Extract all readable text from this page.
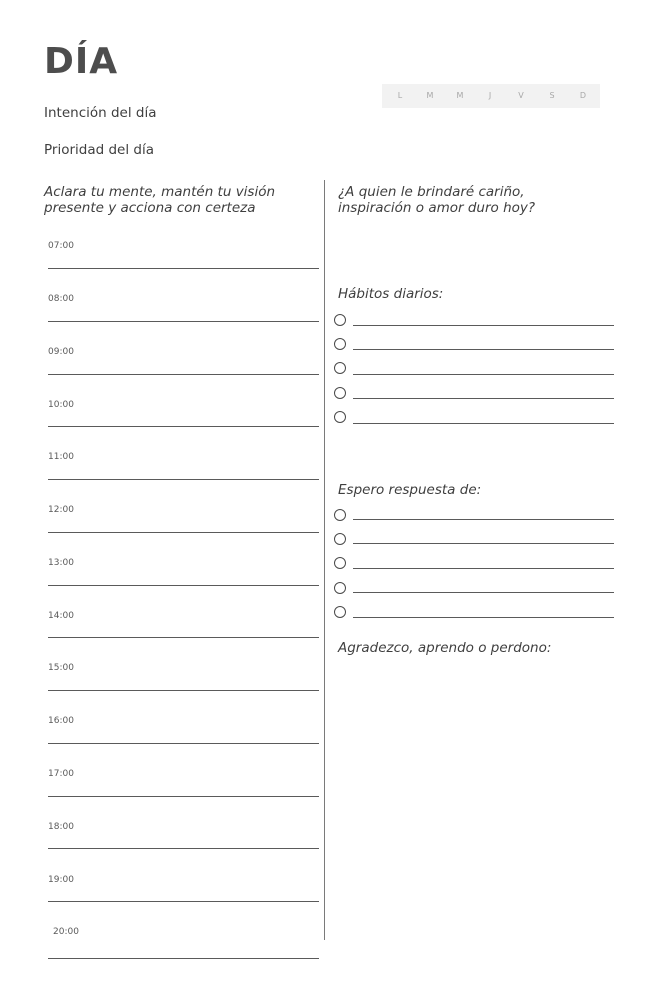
DÍA
Intención del día
Prioridad del día
L	M	M	J	V	S	D
Aclara tu mente, mantén tu visión
presente y acciona con certeza
07:00
08:00
09:00
10:00
11:00
12:00
13:00
14:00
15:00
16:00
17:00
18:00
19:00
20:00
¿A quien le brindaré cariño,
inspiración o amor duro hoy?
Hábitos diarios:
Espero respuesta de:
Agradezco, aprendo o perdono:
